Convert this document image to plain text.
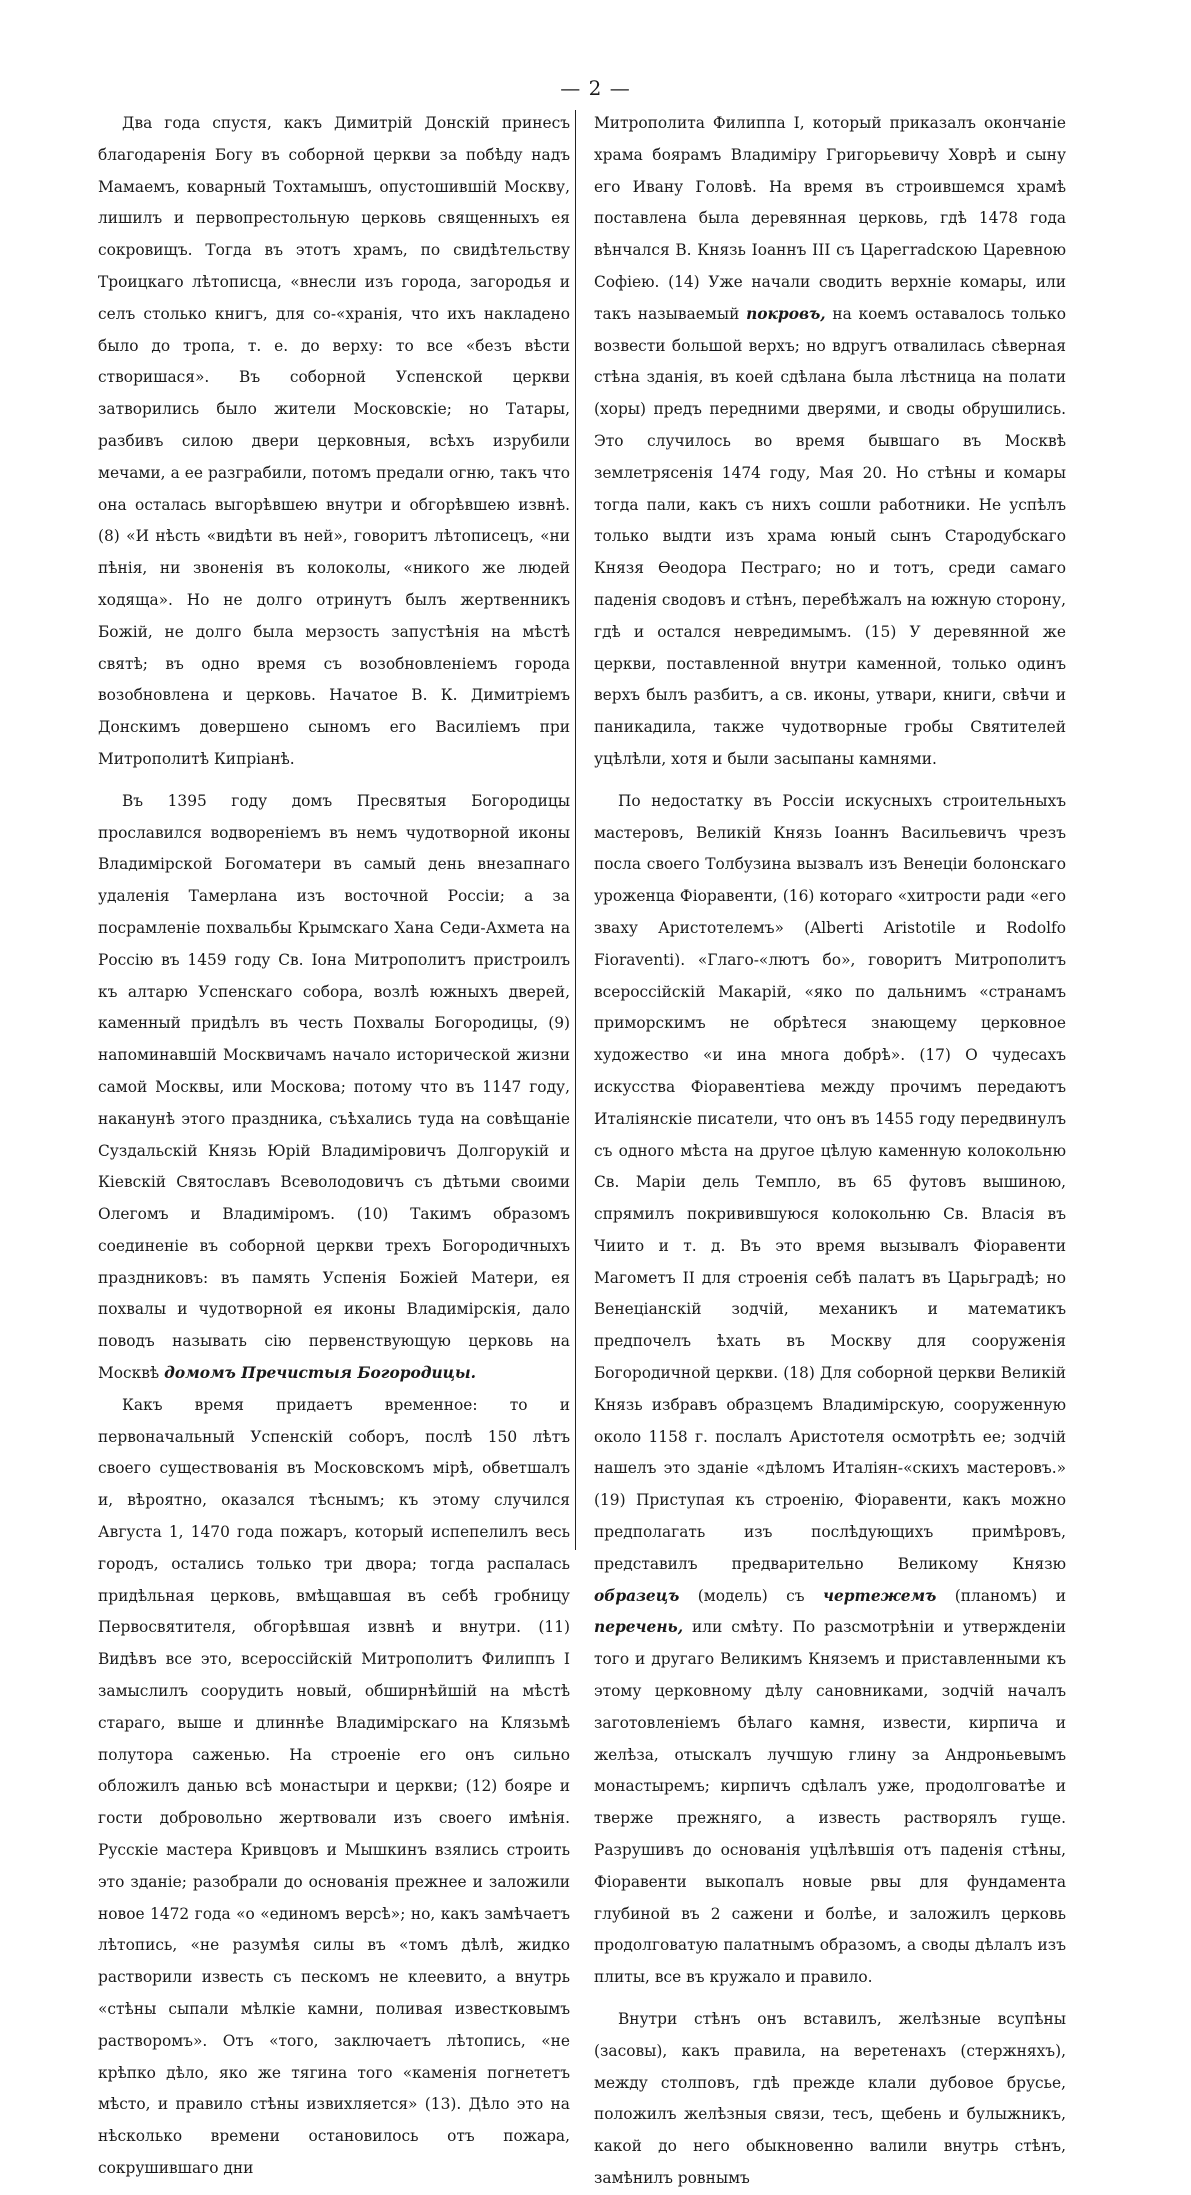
— 2 —

Два года спустя, какъ Димитрій Донскій принесъ благодаренія Богу въ соборной церкви за побѣду надъ Мамаемъ, коварный Тохтамышъ, опустошившій Москву, лишилъ и первопрестольную церковь священныхъ ея сокровищъ. Тогда въ этотъ храмъ, по свидѣтельству Троицкаго лѣтописца, «внесли изъ города, загородья и селъ столько книгъ, для со-«хранія, что ихъ накладено было до тропа, т. е. до верху: то все «безъ вѣсти створишася». Въ соборной Успенской церкви затворились было жители Московскіе; но Татары, разбивъ силою двери церковныя, всѣхъ изрубили мечами, а ее разграбили, потомъ предали огню, такъ что она осталась выгорѣвшею внутри и обгорѣвшею извнѣ. (8) «И нѣсть «видѣти въ ней», говоритъ лѣтописецъ, «ни пѣнія, ни звоненія въ колоколы, «никого же людей ходяща». Но не долго отринутъ былъ жертвенникъ Божій, не долго была мерзость запустѣнія на мѣстѣ святѣ; въ одно время съ возобновленіемъ города возобновлена и церковь. Начатое В. К. Димитріемъ Донскимъ довершено сыномъ его Василіемъ при Митрополитѣ Кипріанѣ.

Въ 1395 году домъ Пресвятыя Богородицы прославился водвореніемъ въ немъ чудотворной иконы Владимірской Богоматери въ самый день внезапнаго удаленія Тамерлана изъ восточной Россіи; а за посрамленіе похвальбы Крымскаго Хана Седи-Ахмета на Россію въ 1459 году Св. Іона Митрополитъ пристроилъ къ алтарю Успенскаго собора, возлѣ южныхъ дверей, каменный придѣлъ въ честь Похвалы Богородицы, (9) напоминавшій Москвичамъ начало исторической жизни самой Москвы, или Москова; потому что въ 1147 году, наканунѣ этого праздника, съѣхались туда на совѣщаніе Суздальскій Князь Юрій Владиміровичъ Долгорукій и Кіевскій Святославъ Всеволодовичъ съ дѣтьми своими Олегомъ и Владиміромъ. (10) Такимъ образомъ соединеніе въ соборной церкви трехъ Богородичныхъ праздниковъ: въ память Успенія Божіей Матери, ея похвалы и чудотворной ея иконы Владимірскія, дало поводъ называть сію первенствующую церковь на Москвѣ домомъ Пречистыя Богородицы.

Какъ время придаетъ временное: то и первоначальный Успенскій соборъ, послѣ 150 лѣтъ своего существованія въ Московскомъ мірѣ, обветшалъ и, вѣроятно, оказался тѣснымъ; къ этому случился Августа 1, 1470 года пожаръ, который испепелилъ весь городъ, остались только три двора; тогда распалась придѣльная церковь, вмѣщавшая въ себѣ гробницу Первосвятителя, обгорѣвшая извнѣ и внутри. (11) Видѣвъ все это, всероссійскій Митрополитъ Филиппъ I замыслилъ соорудить новый, обширнѣйшій на мѣстѣ стараго, выше и длиннѣе Владимірскаго на Клязьмѣ полутора саженью. На строеніе его онъ сильно обложилъ данью всѣ монастыри и церкви; (12) бояре и гости добровольно жертвовали изъ своего имѣнія. Русскіе мастера Кривцовъ и Мышкинъ взялись строить это зданіе; разобрали до основанія прежнее и заложили новое 1472 года «о «единомъ версѣ»; но, какъ замѣчаетъ лѣтопись, «не разумѣя силы въ «томъ дѣлѣ, жидко растворили известь съ пескомъ не клеевито, а внутрь «стѣны сыпали мѣлкіе камни, поливая известковымъ растворомъ». Отъ «того, заключаетъ лѣтопись, «не крѣпко дѣло, яко же тягина того «каменія погнететъ мѣсто, и правило стѣны извихляется» (13). Дѣло это на нѣсколько времени остановилось отъ пожара, сокрушившаго дни

Митрополита Филиппа I, который приказалъ окончаніе храма боярамъ Владиміру Григорьевичу Ховрѣ и сыну его Ивану Головѣ. На время въ строившемся храмѣ поставлена была деревянная церковь, гдѣ 1478 года вѣнчался В. Князь Іоаннъ III съ Царегradскою Царевною Софіею. (14) Уже начали сводить верхніе комары, или такъ называемый покровъ, на коемъ оставалось только возвести большой верхъ; но вдругъ отвалилась сѣверная стѣна зданія, въ коей сдѣлана была лѣстница на полати (хоры) предъ передними дверями, и своды обрушились. Это случилось во время бывшаго въ Москвѣ землетрясенія 1474 году, Мая 20. Но стѣны и комары тогда пали, какъ съ нихъ сошли работники. Не успѣлъ только выдти изъ храма юный сынъ Стародубскаго Князя Ѳеодора Пестраго; но и тотъ, среди самаго паденія сводовъ и стѣнъ, перебѣжалъ на южную сторону, гдѣ и остался невредимымъ. (15) У деревянной же церкви, поставленной внутри каменной, только одинъ верхъ былъ разбитъ, а св. иконы, утвари, книги, свѣчи и паникадила, также чудотворные гробы Святителей уцѣлѣли, хотя и были засыпаны камнями.

По недостатку въ Россіи искусныхъ строительныхъ мастеровъ, Великій Князь Іоаннъ Васильевичъ чрезъ посла своего Толбузина вызвалъ изъ Венеціи болонскаго уроженца Фіоравенти, (16) котораго «хитрости ради «его зваху Аристотелемъ» (Alberti Aristotile и Rodolfo Fioraventi). «Глаго-«лютъ бо», говоритъ Митрополитъ всероссійскій Макарій, «яко по дальнимъ «странамъ приморскимъ не обрѣтеся знающему церковное художество «и ина многа добрѣ». (17) О чудесахъ искусства Фіоравентіева между прочимъ передаютъ Италіянскіе писатели, что онъ въ 1455 году передвинулъ съ одного мѣста на другое цѣлую каменную колокольню Св. Маріи дель Темпло, въ 65 футовъ вышиною, спрямилъ покривившуюся колокольню Св. Власія въ Чиито и т. д. Въ это время вызывалъ Фіоравенти Магометъ II для строенія себѣ палатъ въ Царьградѣ; но Венеціанскій зодчій, механикъ и математикъ предпочелъ ѣхать въ Москву для сооруженія Богородичной церкви. (18) Для соборной церкви Великій Князь избравъ образцемъ Владимірскую, сооруженную около 1158 г. послалъ Аристотеля осмотрѣть ее; зодчій нашелъ это зданіе «дѣломъ Италіян-«скихъ мастеровъ.» (19) Приступая къ строенію, Фіоравенти, какъ можно предполагать изъ послѣдующихъ примѣровъ, представилъ предварительно Великому Князю образецъ (модель) съ чертежемъ (планомъ) и перечень, или смѣту. По разсмотрѣніи и утвержденіи того и другаго Великимъ Княземъ и приставленными къ этому церковному дѣлу сановниками, зодчій началъ заготовленіемъ бѣлаго камня, извести, кирпича и желѣза, отыскалъ лучшую глину за Андроньевымъ монастыремъ; кирпичъ сдѣлалъ уже, продолговатѣе и твержe прежняго, а известь растворялъ гуще. Разрушивъ до основанія уцѣлѣвшія отъ паденія стѣны, Фіоравенти выкопалъ новые рвы для фундамента глубиной въ 2 сажени и болѣе, и заложилъ церковь продолговатую палатнымъ образомъ, а своды дѣлалъ изъ плиты, все въ кружало и правило.

Внутри стѣнъ онъ вставилъ, желѣзные всупѣны (засовы), какъ правила, на веретенахъ (стержняхъ), между столповъ, гдѣ прежде клали дубовое брусье, положилъ желѣзныя связи, тесъ, щебень и булыжникъ, какой до него обыкновенно валили внутрь стѣнъ, замѣнилъ ровнымъ
